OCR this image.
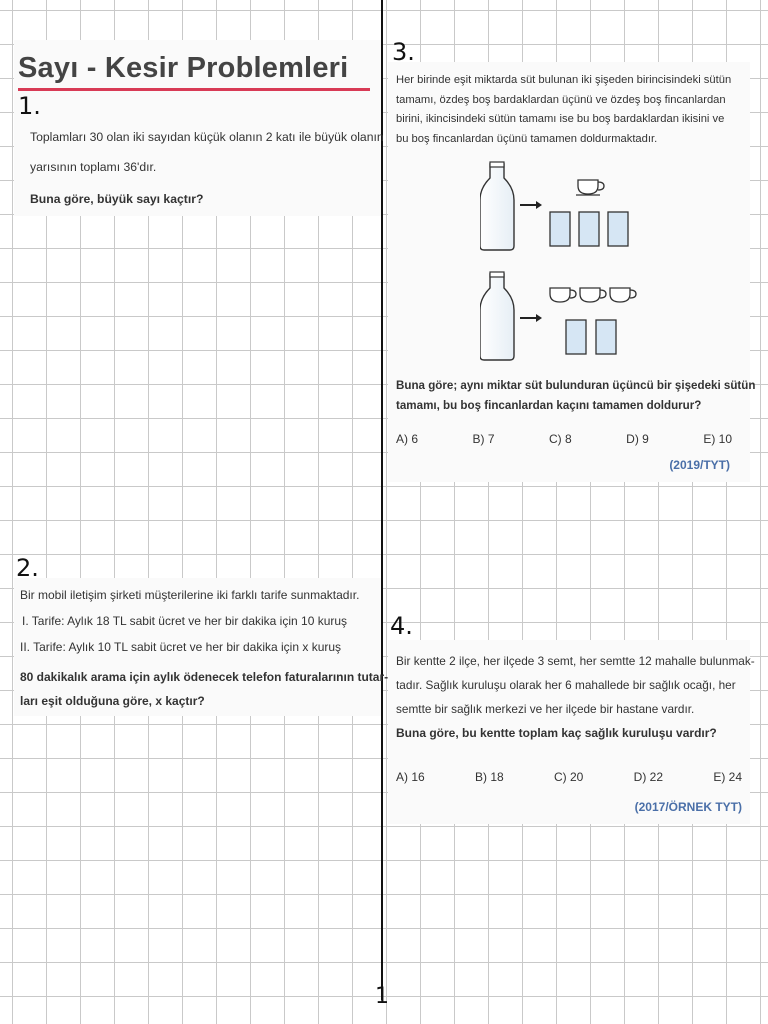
Sayı - Kesir Problemleri
1.
Toplamları 30 olan iki sayıdan küçük olanın 2 katı ile büyük olanın
yarısının toplamı 36'dır.
Buna göre, büyük sayı kaçtır?
2.
Bir mobil iletişim şirketi müşterilerine iki farklı tarife sunmaktadır.
I. Tarife: Aylık 18 TL sabit ücret ve her bir dakika için 10 kuruş
II. Tarife: Aylık 10 TL sabit ücret ve her bir dakika için x kuruş
80 dakikalık arama için aylık ödenecek telefon faturalarının tutar-
ları eşit olduğuna göre, x kaçtır?
3.
Her birinde eşit miktarda süt bulunan iki şişeden birincisindeki sütün
tamamı, özdeş boş bardaklardan üçünü ve özdeş boş fincanlardan
birini, ikincisindeki sütün tamamı ise bu boş bardaklardan ikisini ve
bu boş fincanlardan üçünü tamamen doldurmaktadır.
Buna göre; aynı miktar süt bulunduran üçüncü bir şişedeki sütün
tamamı, bu boş fincanlardan kaçını tamamen doldurur?
A) 6	B) 7	C) 8	D) 9	E) 10
(2019/TYT)
4.
Bir kentte 2 ilçe, her ilçede 3 semt, her semtte 12 mahalle bulunmak-
tadır. Sağlık kuruluşu olarak her 6 mahallede bir sağlık ocağı, her
semtte bir sağlık merkezi ve her ilçede bir hastane vardır.
Buna göre, bu kentte toplam kaç sağlık kuruluşu vardır?
A) 16	B) 18	C) 20	D) 22	E) 24
(2017/ÖRNEK TYT)
1
